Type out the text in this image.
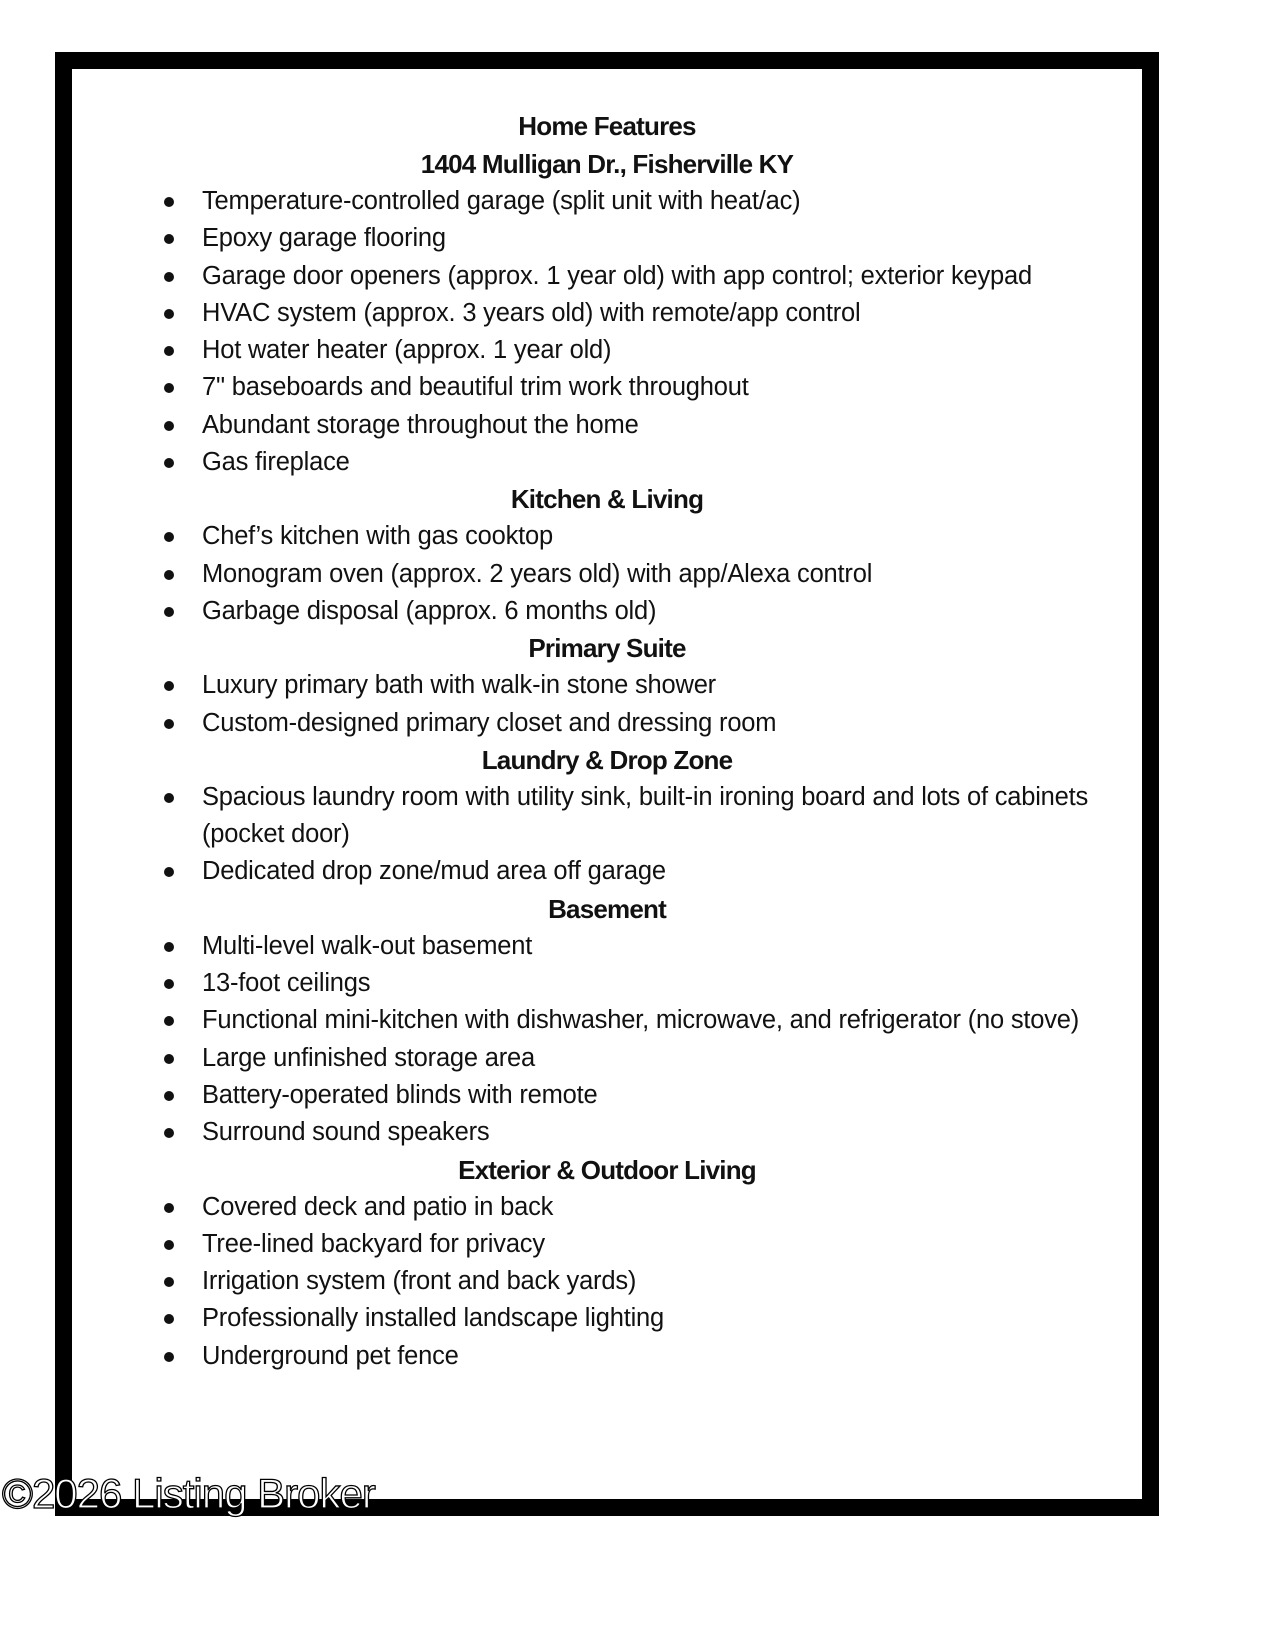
Home Features
1404 Mulligan Dr., Fisherville KY
Temperature-controlled garage (split unit with heat/ac)
Epoxy garage flooring
Garage door openers (approx. 1 year old) with app control; exterior keypad
HVAC system (approx. 3 years old) with remote/app control
Hot water heater (approx. 1 year old)
7" baseboards and beautiful trim work throughout
Abundant storage throughout the home
Gas fireplace
Kitchen & Living
Chef’s kitchen with gas cooktop
Monogram oven (approx. 2 years old) with app/Alexa control
Garbage disposal (approx. 6 months old)
Primary Suite
Luxury primary bath with walk-in stone shower
Custom-designed primary closet and dressing room
Laundry & Drop Zone
Spacious laundry room with utility sink, built-in ironing board and lots of cabinets (pocket door)
Dedicated drop zone/mud area off garage
Basement
Multi-level walk-out basement
13-foot ceilings
Functional mini-kitchen with dishwasher, microwave, and refrigerator (no stove)
Large unfinished storage area
Battery-operated blinds with remote
Surround sound speakers
Exterior & Outdoor Living
Covered deck and patio in back
Tree-lined backyard for privacy
Irrigation system (front and back yards)
Professionally installed landscape lighting
Underground pet fence
©2026 Listing Broker
